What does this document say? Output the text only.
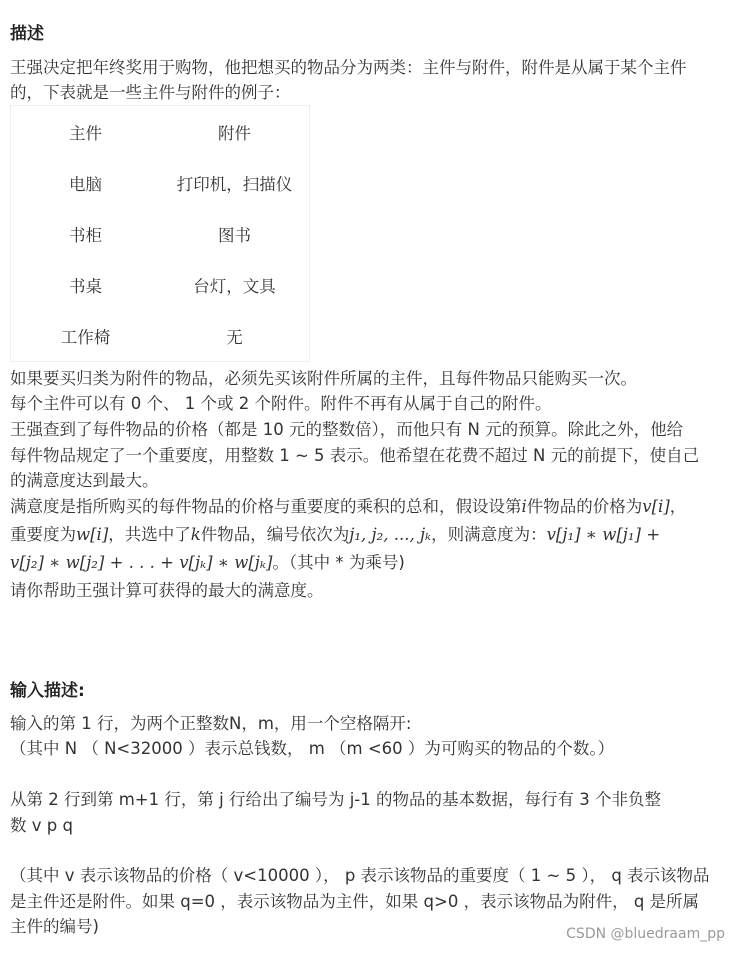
描述
王强决定把年终奖用于购物，他把想买的物品分为两类：主件与附件，附件是从属于某个主件
的，下表就是一些主件与附件的例子：
主件	附件
电脑	打印机，扫描仪
书柜	图书
书桌	台灯，文具
工作椅	无
如果要买归类为附件的物品，必须先买该附件所属的主件，且每件物品只能购买一次。
每个主件可以有 0 个、 1 个或 2 个附件。附件不再有从属于自己的附件。
王强查到了每件物品的价格（都是 10 元的整数倍），而他只有 N 元的预算。除此之外，他给
每件物品规定了一个重要度，用整数 1 ~ 5 表示。他希望在花费不超过 N 元的前提下，使自己
的满意度达到最大。
满意度是指所购买的每件物品的价格与重要度的乘积的总和，假设设第i件物品的价格为v[i]，
重要度为w[i]，共选中了k件物品，编号依次为j₁, j₂, ..., jₖ，则满意度为：v[j₁] ∗ w[j₁] +
v[j₂] ∗ w[j₂] + . . . + v[jₖ] ∗ w[jₖ]。（其中 * 为乘号)
请你帮助王强计算可获得的最大的满意度。
输入描述:
输入的第 1 行，为两个正整数N，m，用一个空格隔开:
（其中 N （ N<32000 ）表示总钱数， m （m <60 ）为可购买的物品的个数。）
从第 2 行到第 m+1 行，第 j 行给出了编号为 j-1 的物品的基本数据，每行有 3 个非负整
数 v p q
（其中 v 表示该物品的价格（ v<10000 ）， p 表示该物品的重要度（ 1 ~ 5 ）， q 表示该物品
是主件还是附件。如果 q=0 ，表示该物品为主件，如果 q>0 ，表示该物品为附件， q 是所属
主件的编号)	CSDN @bluedraam_pp
